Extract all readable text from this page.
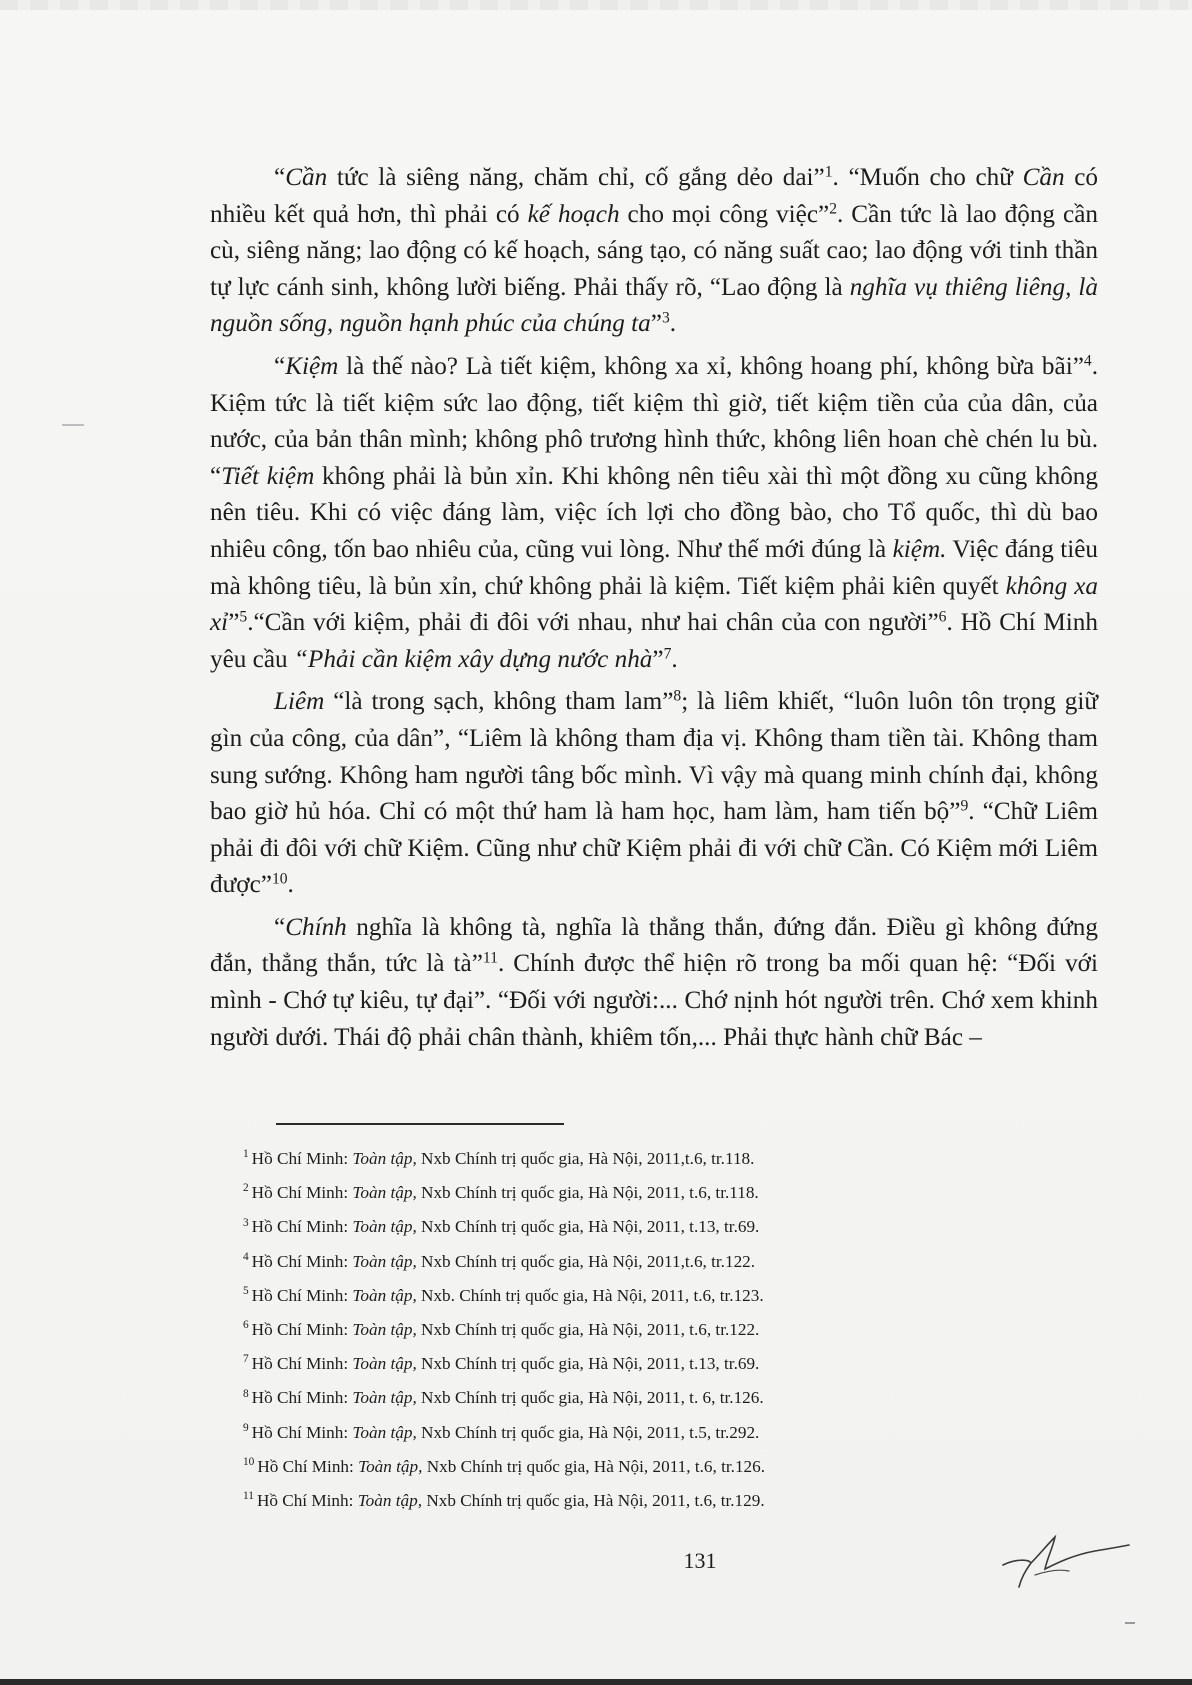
“Cần tức là siêng năng, chăm chỉ, cố gắng dẻo dai”$^1$. “Muốn cho chữ Cần có nhiều kết quả hơn, thì phải có kế hoạch cho mọi công việc”$^2$. Cần tức là lao động cần cù, siêng năng; lao động có kế hoạch, sáng tạo, có năng suất cao; lao động với tinh thần tự lực cánh sinh, không lười biếng. Phải thấy rõ, “Lao động là nghĩa vụ thiêng liêng, là nguồn sống, nguồn hạnh phúc của chúng ta”$^3$.

“Kiệm là thế nào? Là tiết kiệm, không xa xỉ, không hoang phí, không bừa bãi”$^4$. Kiệm tức là tiết kiệm sức lao động, tiết kiệm thì giờ, tiết kiệm tiền của của dân, của nước, của bản thân mình; không phô trương hình thức, không liên hoan chè chén lu bù. “Tiết kiệm không phải là bủn xỉn. Khi không nên tiêu xài thì một đồng xu cũng không nên tiêu. Khi có việc đáng làm, việc ích lợi cho đồng bào, cho Tổ quốc, thì dù bao nhiêu công, tốn bao nhiêu của, cũng vui lòng. Như thế mới đúng là kiệm. Việc đáng tiêu mà không tiêu, là bủn xỉn, chứ không phải là kiệm. Tiết kiệm phải kiên quyết không xa xỉ”$^5$.“Cần với kiệm, phải đi đôi với nhau, như hai chân của con người”$^6$. Hồ Chí Minh yêu cầu “Phải cần kiệm xây dựng nước nhà”$^7$.

Liêm “là trong sạch, không tham lam”$^8$; là liêm khiết, “luôn luôn tôn trọng giữ gìn của công, của dân”, “Liêm là không tham địa vị. Không tham tiền tài. Không tham sung sướng. Không ham người tâng bốc mình. Vì vậy mà quang minh chính đại, không bao giờ hủ hóa. Chỉ có một thứ ham là ham học, ham làm, ham tiến bộ”$^9$. “Chữ Liêm phải đi đôi với chữ Kiệm. Cũng như chữ Kiệm phải đi với chữ Cần. Có Kiệm mới Liêm được”$^{10}$.

“Chính nghĩa là không tà, nghĩa là thẳng thắn, đứng đắn. Điều gì không đứng đắn, thẳng thắn, tức là tà”$^{11}$. Chính được thể hiện rõ trong ba mối quan hệ: “Đối với mình - Chớ tự kiêu, tự đại”. “Đối với người:... Chớ nịnh hót người trên. Chớ xem khinh người dưới. Thái độ phải chân thành, khiêm tốn,... Phải thực hành chữ Bác –

$^1$ Hồ Chí Minh: Toàn tập, Nxb Chính trị quốc gia, Hà Nội, 2011,t.6, tr.118.

$^2$ Hồ Chí Minh: Toàn tập, Nxb Chính trị quốc gia, Hà Nội, 2011, t.6, tr.118.

$^3$ Hồ Chí Minh: Toàn tập, Nxb Chính trị quốc gia, Hà Nội, 2011, t.13, tr.69.

$^4$ Hồ Chí Minh: Toàn tập, Nxb Chính trị quốc gia, Hà Nội, 2011,t.6, tr.122.

$^5$ Hồ Chí Minh: Toàn tập, Nxb. Chính trị quốc gia, Hà Nội, 2011, t.6, tr.123.

$^6$ Hồ Chí Minh: Toàn tập, Nxb Chính trị quốc gia, Hà Nội, 2011, t.6, tr.122.

$^7$ Hồ Chí Minh: Toàn tập, Nxb Chính trị quốc gia, Hà Nội, 2011, t.13, tr.69.

$^8$ Hồ Chí Minh: Toàn tập, Nxb Chính trị quốc gia, Hà Nội, 2011, t. 6, tr.126.

$^9$ Hồ Chí Minh: Toàn tập, Nxb Chính trị quốc gia, Hà Nội, 2011, t.5, tr.292.

$^{10}$ Hồ Chí Minh: Toàn tập, Nxb Chính trị quốc gia, Hà Nội, 2011, t.6, tr.126.

$^{11}$ Hồ Chí Minh: Toàn tập, Nxb Chính trị quốc gia, Hà Nội, 2011, t.6, tr.129.

131
